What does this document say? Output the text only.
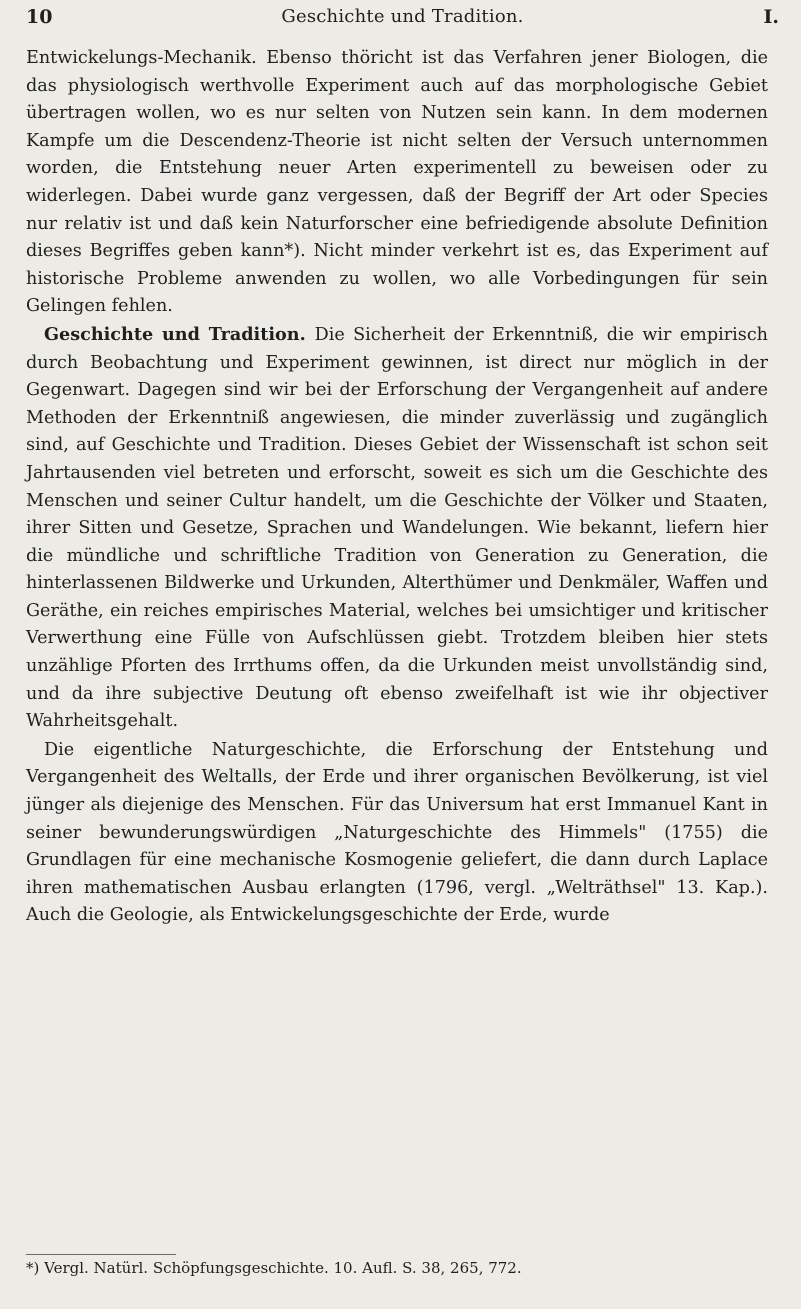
10	Geschichte und Tradition.	I.

Entwickelungs-Mechanik. Ebenso thöricht ist das Verfahren jener Biologen, die das physiologisch werthvolle Experiment auch auf das morphologische Gebiet übertragen wollen, wo es nur selten von Nutzen sein kann. In dem modernen Kampfe um die Descendenz-Theorie ist nicht selten der Versuch unternommen worden, die Entstehung neuer Arten experimentell zu beweisen oder zu widerlegen. Dabei wurde ganz vergessen, daß der Begriff der Art oder Species nur relativ ist und daß kein Naturforscher eine befriedigende absolute Definition dieses Begriffes geben kann*). Nicht minder verkehrt ist es, das Experiment auf historische Probleme anwenden zu wollen, wo alle Vorbedingungen für sein Gelingen fehlen.

Geschichte und Tradition. Die Sicherheit der Erkenntniß, die wir empirisch durch Beobachtung und Experiment gewinnen, ist direct nur möglich in der Gegenwart. Dagegen sind wir bei der Erforschung der Vergangenheit auf andere Methoden der Erkenntniß angewiesen, die minder zuverlässig und zugänglich sind, auf Geschichte und Tradition. Dieses Gebiet der Wissenschaft ist schon seit Jahrtausenden viel betreten und erforscht, soweit es sich um die Geschichte des Menschen und seiner Cultur handelt, um die Geschichte der Völker und Staaten, ihrer Sitten und Gesetze, Sprachen und Wandelungen. Wie bekannt, liefern hier die mündliche und schriftliche Tradition von Generation zu Generation, die hinterlassenen Bildwerke und Urkunden, Alterthümer und Denkmäler, Waffen und Geräthe, ein reiches empirisches Material, welches bei umsichtiger und kritischer Verwerthung eine Fülle von Aufschlüssen giebt. Trotzdem bleiben hier stets unzählige Pforten des Irrthums offen, da die Urkunden meist unvollständig sind, und da ihre subjective Deutung oft ebenso zweifelhaft ist wie ihr objectiver Wahrheitsgehalt.

Die eigentliche Naturgeschichte, die Erforschung der Entstehung und Vergangenheit des Weltalls, der Erde und ihrer organischen Bevölkerung, ist viel jünger als diejenige des Menschen. Für das Universum hat erst Immanuel Kant in seiner bewunderungswürdigen „Naturgeschichte des Himmels" (1755) die Grundlagen für eine mechanische Kosmogenie geliefert, die dann durch Laplace ihren mathematischen Ausbau erlangten (1796, vergl. „Welträthsel" 13. Kap.). Auch die Geologie, als Entwickelungsgeschichte der Erde, wurde

*) Vergl. Natürl. Schöpfungsgeschichte. 10. Aufl. S. 38, 265, 772.
